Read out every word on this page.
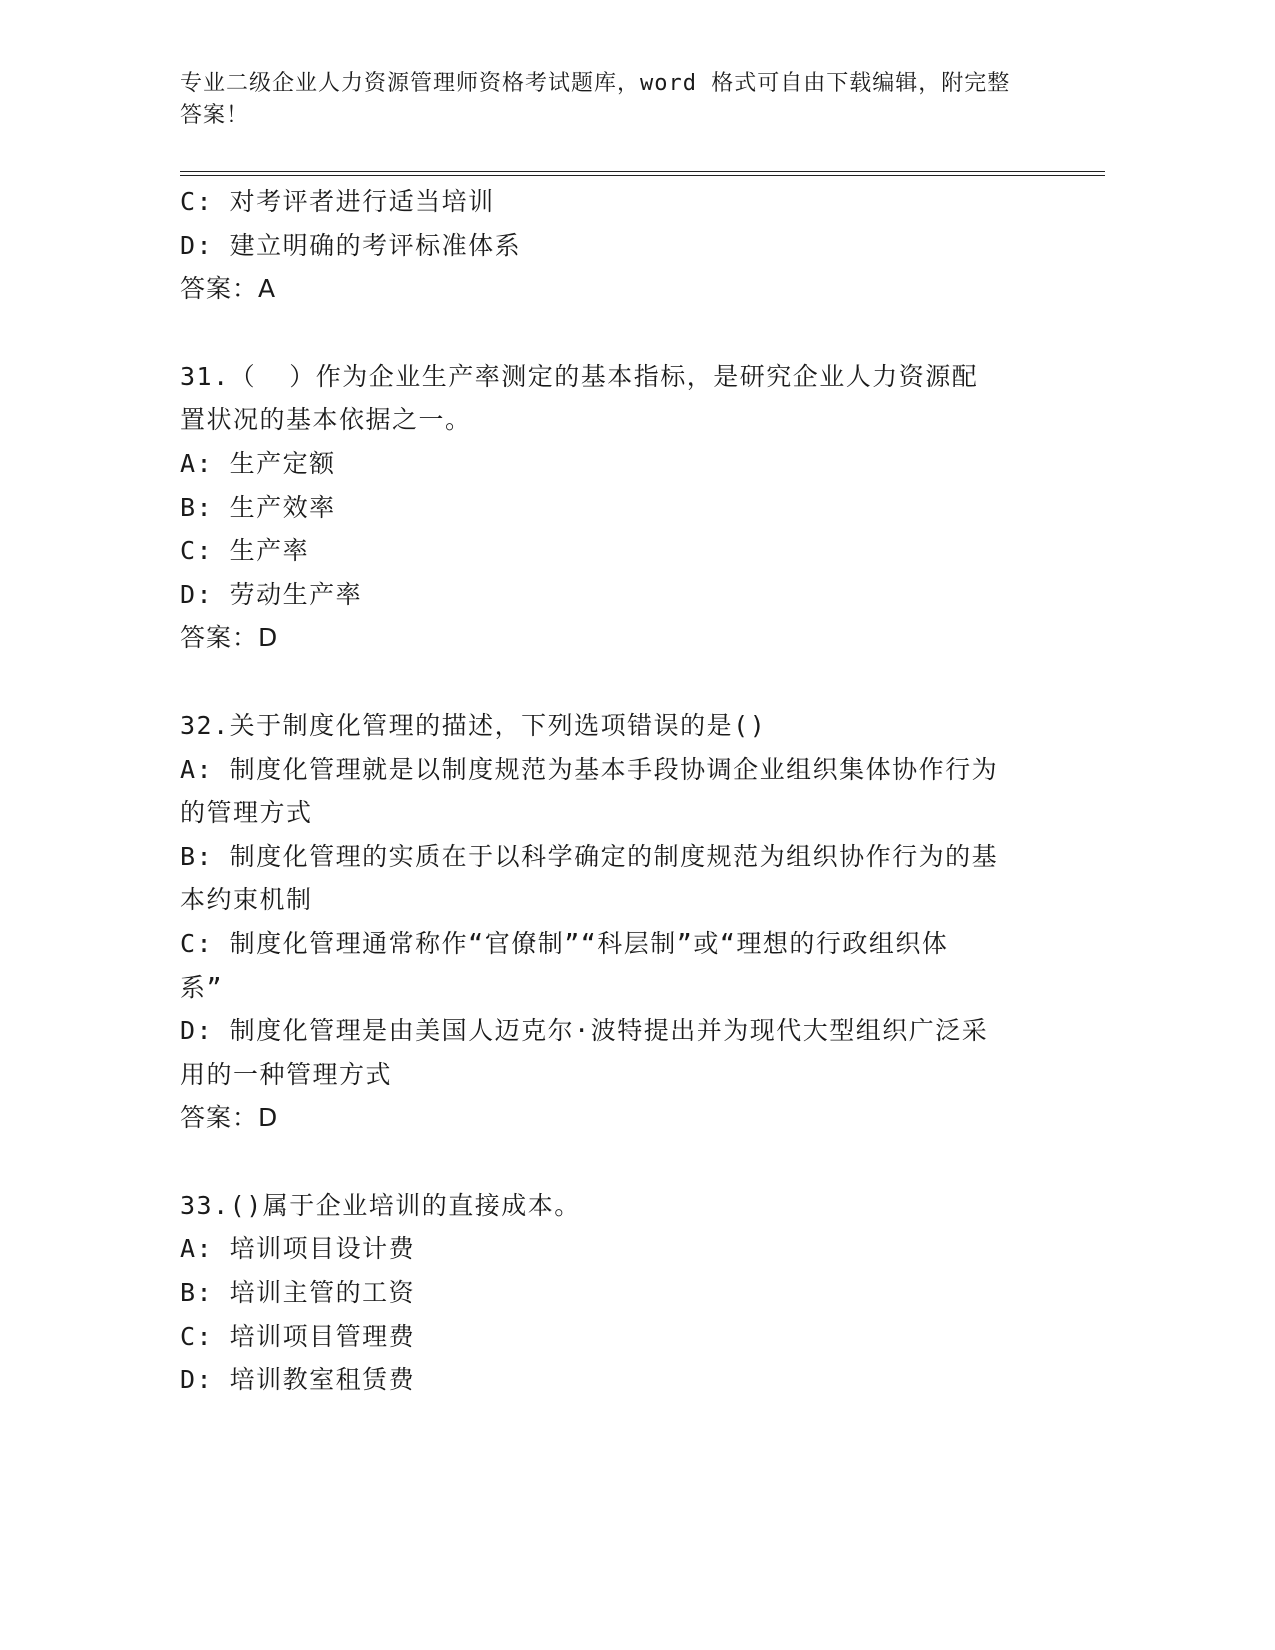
专业二级企业人力资源管理师资格考试题库，word 格式可自由下载编辑，附完整
答案！
C: 对考评者进行适当培训
D: 建立明确的考评标准体系
答案：A
31.（  ）作为企业生产率测定的基本指标，是研究企业人力资源配
置状况的基本依据之一。
A: 生产定额
B: 生产效率
C: 生产率
D: 劳动生产率
答案：D
32.关于制度化管理的描述，下列选项错误的是()
A: 制度化管理就是以制度规范为基本手段协调企业组织集体协作行为
的管理方式
B: 制度化管理的实质在于以科学确定的制度规范为组织协作行为的基
本约束机制
C: 制度化管理通常称作“官僚制”“科层制”或“理想的行政组织体
系”
D: 制度化管理是由美国人迈克尔·波特提出并为现代大型组织广泛采
用的一种管理方式
答案：D
33.()属于企业培训的直接成本。
A: 培训项目设计费
B: 培训主管的工资
C: 培训项目管理费
D: 培训教室租赁费
